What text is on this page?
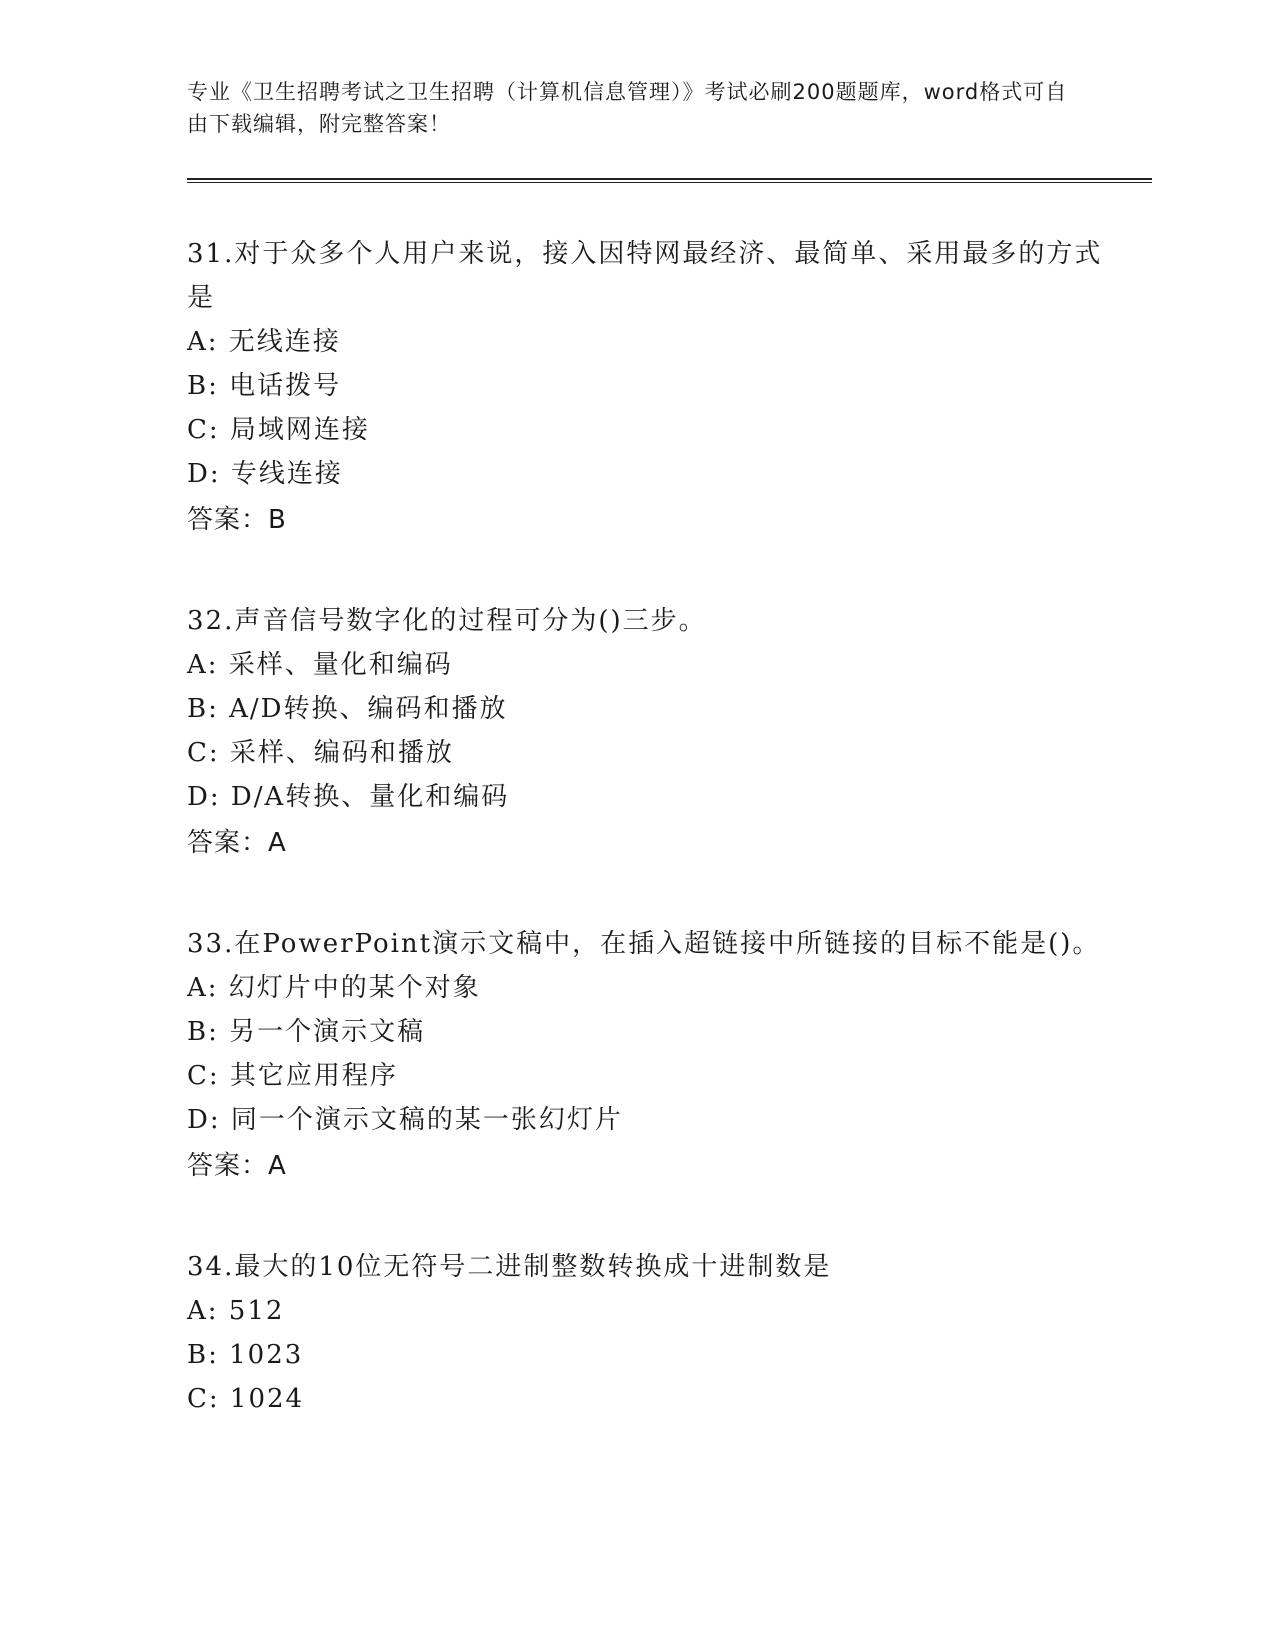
专业《卫生招聘考试之卫生招聘（计算机信息管理）》考试必刷200题题库，word格式可自由下载编辑，附完整答案！

31.对于众多个人用户来说，接入因特网最经济、最简单、采用最多的方式是

A: 无线连接

B: 电话拨号

C: 局域网连接

D: 专线连接

答案：B

32.声音信号数字化的过程可分为()三步。

A: 采样、量化和编码

B: A/D转换、编码和播放

C: 采样、编码和播放

D: D/A转换、量化和编码

答案：A

33.在PowerPoint演示文稿中，在插入超链接中所链接的目标不能是()。

A: 幻灯片中的某个对象

B: 另一个演示文稿

C: 其它应用程序

D: 同一个演示文稿的某一张幻灯片

答案：A

34.最大的10位无符号二进制整数转换成十进制数是

A: 512

B: 1023

C: 1024
